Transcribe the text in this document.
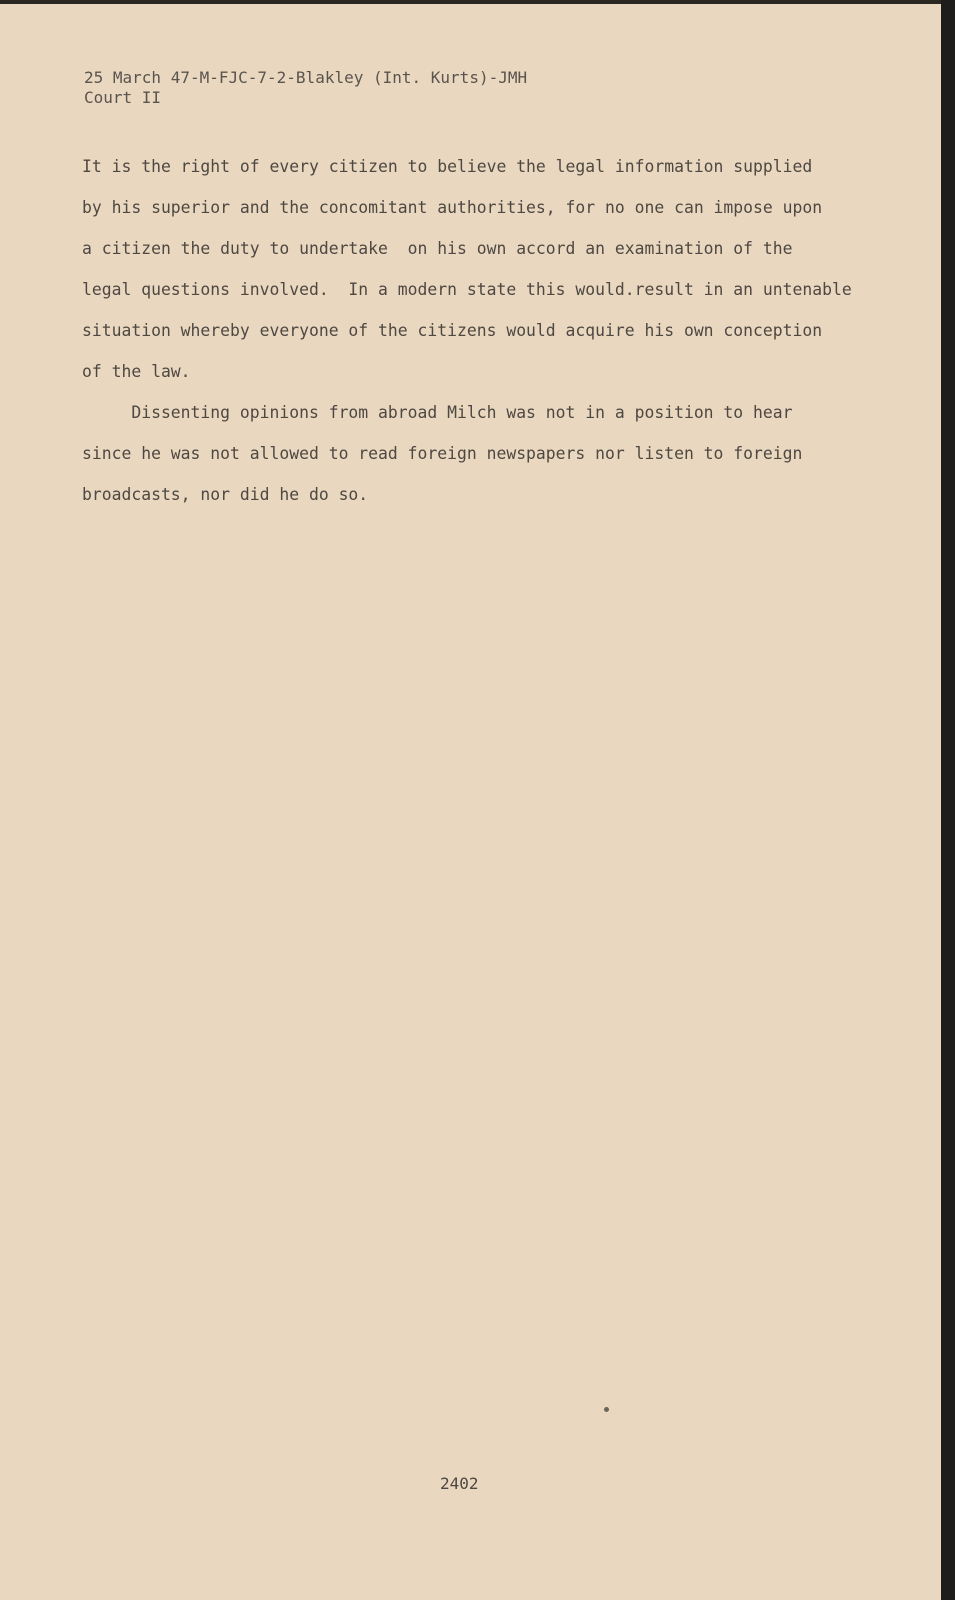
25 March 47-M-FJC-7-2-Blakley (Int. Kurts)-JMH
Court II
It is the right of every citizen to believe the legal information supplied
by his superior and the concomitant authorities, for no one can impose upon
a citizen the duty to undertake  on his own accord an examination of the
legal questions involved.  In a modern state this would.result in an untenable
situation whereby everyone of the citizens would acquire his own conception
of the law.
Dissenting opinions from abroad Milch was not in a position to hear
since he was not allowed to read foreign newspapers nor listen to foreign
broadcasts, nor did he do so.
2402
